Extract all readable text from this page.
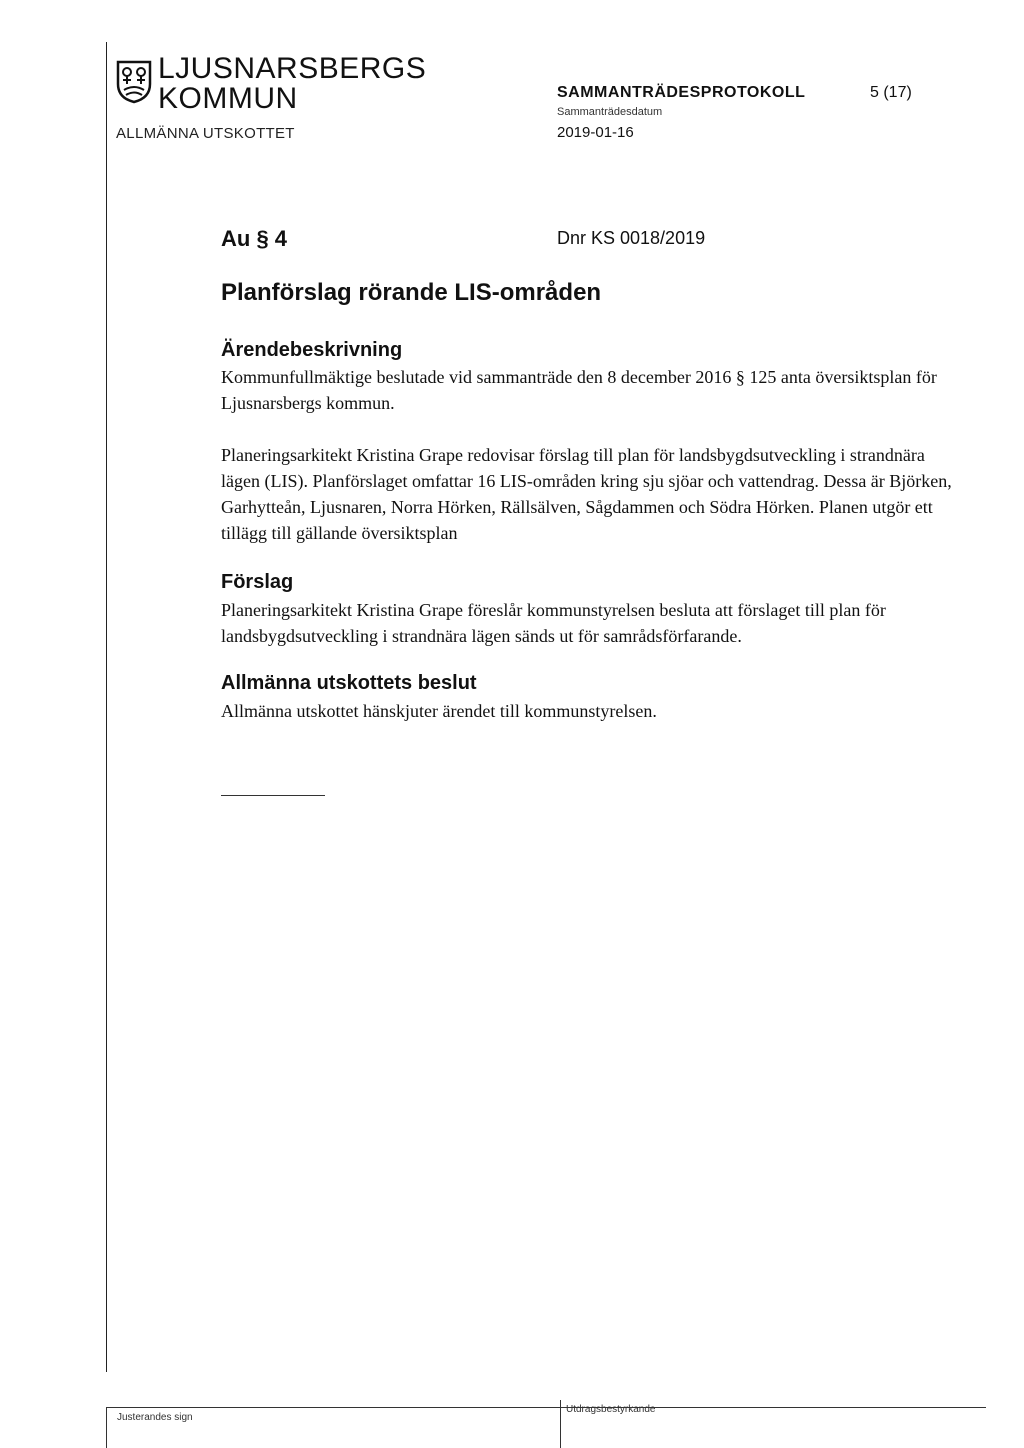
LJUSNARSBERGS
KOMMUN
ALLMÄNNA UTSKOTTET
SAMMANTRÄDESPROTOKOLL	5 (17)
Sammanträdesdatum
2019-01-16
Au § 4	Dnr KS 0018/2019
Planförslag rörande LIS-områden
Ärendebeskrivning

Kommunfullmäktige beslutade vid sammanträde den 8 december 2016 § 125 anta översiktsplan för Ljusnarsbergs kommun.

Planeringsarkitekt Kristina Grape redovisar förslag till plan för landsbygdsutveckling i strandnära lägen (LIS). Planförslaget omfattar 16 LIS-områden kring sju sjöar och vattendrag. Dessa är Björken, Garhytteån, Ljusnaren, Norra Hörken, Rällsälven, Sågdammen och Södra Hörken. Planen utgör ett tillägg till gällande översiktsplan

Förslag
Planeringsarkitekt Kristina Grape föreslår kommunstyrelsen besluta att förslaget till plan för landsbygdsutveckling i strandnära lägen sänds ut för samrådsförfarande.
Allmänna utskottets beslut
Allmänna utskottet hänskjuter ärendet till kommunstyrelsen.
Justerandes sign
Utdragsbestyrkande
